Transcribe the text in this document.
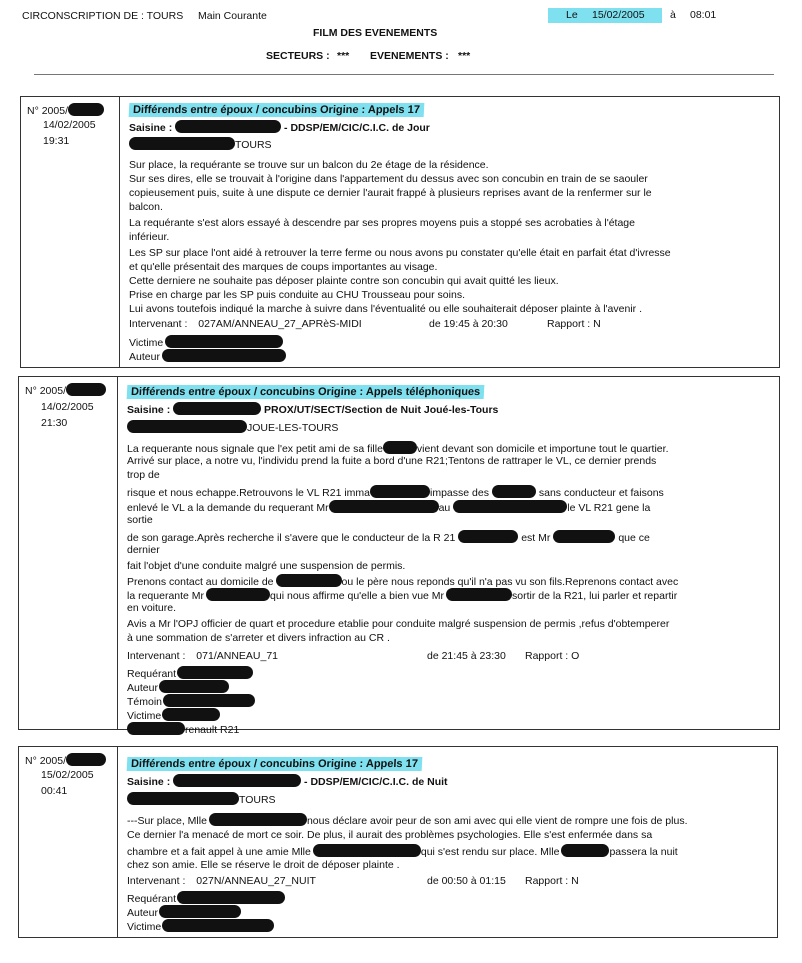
CIRCONSCRIPTION DE : TOURS Main Courante	Le 15/02/2005 à 08:01
FILM DES EVENEMENTS
SECTEURS : *** EVENEMENTS : ***
N° 2005/
14/02/2005
19:31
Différends entre époux / concubins Origine : Appels 17
Saisine :	- DDSP/EM/CIC/C.I.C. de Jour
TOURS
Sur place, la requérante se trouve sur un balcon du 2e étage de la résidence.
Sur ses dires, elle se trouvait à l'origine dans l'appartement du dessus avec son concubin en train de se saouler
copieusement puis, suite à une dispute ce dernier l'aurait frappé à plusieurs reprises avant de la renfermer sur le
balcon.
La requérante s'est alors essayé à descendre par ses propres moyens puis a stoppé ses acrobaties à l'étage
inférieur.
Les SP sur place l'ont aidé à retrouver la terre ferme ou nous avons pu constater qu'elle était en parfait état d'ivresse
et qu'elle présentait des marques de coups importantes au visage.
Cette derniere ne souhaite pas déposer plainte contre son concubin qui avait quitté les lieux.
Prise en charge par les SP puis conduite au CHU Trousseau pour soins.
Lui avons toutefois indiqué la marche à suivre dans l'éventualité ou elle souhaiterait déposer plainte à l'avenir .
Intervenant : 027AM/ANNEAU_27_APRèS-MIDI	de 19:45 à 20:30	Rapport : N
Victime
Auteur
N° 2005/
14/02/2005
21:30
Différends entre époux / concubins Origine : Appels téléphoniques
Saisine :	PROX/UT/SECT/Section de Nuit Joué-les-Tours
JOUE-LES-TOURS
La requerante nous signale que l'ex petit ami de sa fille	vient devant son domicile et importune tout le quartier.
Arrivé sur place, a notre vu, l'individu prend la fuite a bord d'une R21;Tentons de rattraper le VL, ce dernier prends
trop de
risque et nous echappe.Retrouvons le VL R21 imma	impasse des	sans conducteur et faisons
enlevé le VL a la demande du requerant Mr	au	le VL R21 gene la
sortie
de son garage.Après recherche il s'avere que le conducteur de la R 21	est Mr	que ce
dernier
fait l'objet d'une conduite malgré une suspension de permis.
Prenons contact au domicile de	ou le père nous reponds qu'il n'a pas vu son fils.Reprenons contact avec
la requerante Mr	qui nous affirme qu'elle a bien vue Mr	sortir de la R21, lui parler et repartir
en voiture.
Avis a Mr l'OPJ officier de quart et procedure etablie pour conduite malgré suspension de permis ,refus d'obtemperer
à une sommation de s'arreter et divers infraction au CR .
Intervenant : 071/ANNEAU_71	de 21:45 à 23:30 Rapport : O
Requérant
Auteur
Témoin
Victime
renault R21
N° 2005/
15/02/2005
00:41
Différends entre époux / concubins Origine : Appels 17
Saisine :	- DDSP/EM/CIC/C.I.C. de Nuit
TOURS
---Sur place, Mlle	nous déclare avoir peur de son ami avec qui elle vient de rompre une fois de plus.
Ce dernier l'a menacé de mort ce soir. De plus, il aurait des problèmes psychologies. Elle s'est enfermée dans sa
chambre et a fait appel à une amie Mlle	qui s'est rendu sur place. Mlle	passera la nuit
chez son amie. Elle se réserve le droit de déposer plainte .
Intervenant : 027N/ANNEAU_27_NUIT	de 00:50 à 01:15 Rapport : N
Requérant
Auteur
Victime
